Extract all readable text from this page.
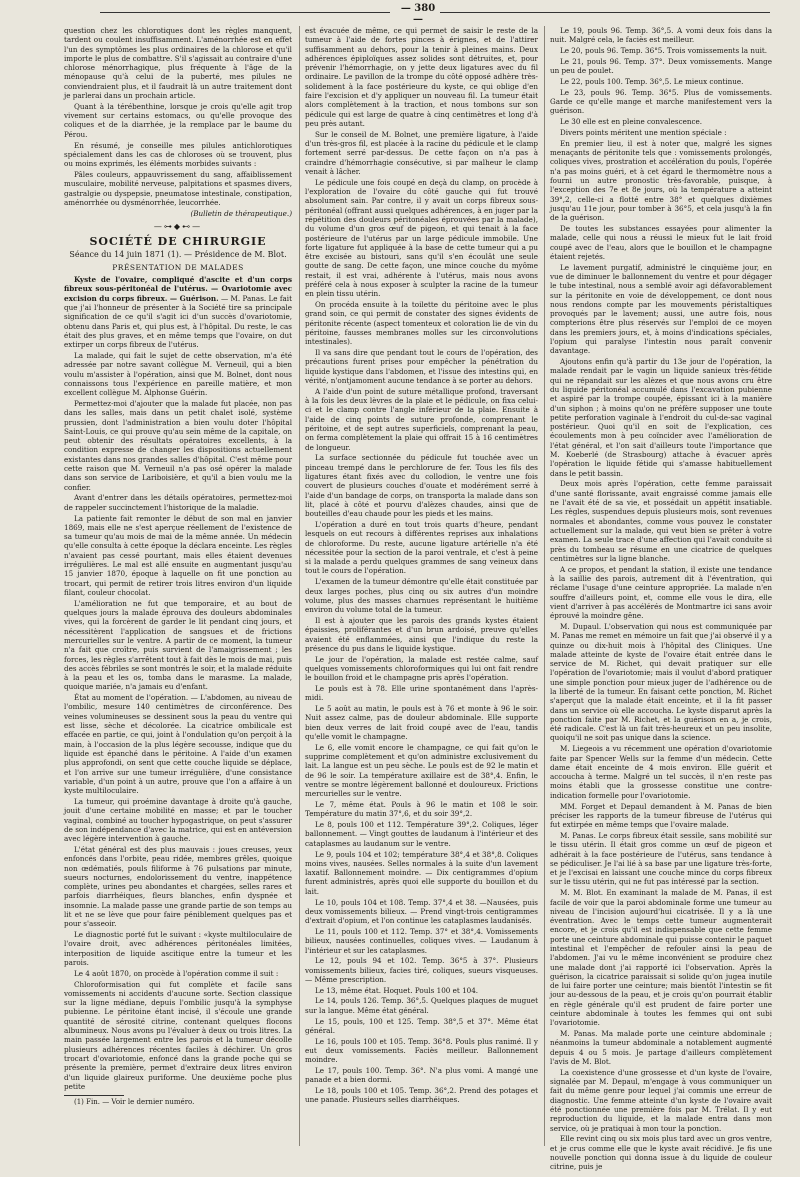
— 380 —

question chez les chlorotiques dont les règles manquent, tardent ou coulent insuffisamment. L'aménorrhée est en effet l'un des symptômes les plus ordinaires de la chlorose et qu'il importe le plus de combattre. S'il s'agissait au contraire d'une chlorose ménorrhagique, plus fréquente à l'âge de la ménopause qu'à celui de la puberté, mes pilules ne conviendraient plus, et il faudrait là un autre traitement dont je parlerai dans un prochain article.

Quant à la térébenthine, lorsque je crois qu'elle agit trop vivement sur certains estomacs, ou qu'elle provoque des coliques et de la diarrhée, je la remplace par le baume du Pérou.

En résumé, je conseille mes pilules antichlorotiques spécialement dans les cas de chloroses où se trouvent, plus ou moins exprimés, les éléments morbides suivants :

Pâles couleurs, appauvrissement du sang, affaiblissement musculaire, mobilité nerveuse, palpitations et spasmes divers, gastralgie ou dyspepsie, pneumatose intestinale, constipation, aménorrhée ou dysménorrhée, leucorrhée.

(Bulletin de thérapeutique.)

—⊶◆⊷—
SOCIÉTÉ DE CHIRURGIE
Séance du 14 juin 1871 (1). — Présidence de M. Blot.
PRÉSENTATION DE MALADES

Kyste de l'ovaire, compliqué d'ascite et d'un corps fibreux sous-péritonéal de l'utérus. — Ovariotomie avec excision du corps fibreux. — Guérison. — M. Panas. Le fait que j'ai l'honneur de présenter à la Société tire sa principale signification de ce qu'il s'agit ici d'un succès d'ovariotomie, obtenu dans Paris et, qui plus est, à l'hôpital. Du reste, le cas était des plus graves, et en même temps que l'ovaire, on dut extirper un corps fibreux de l'utérus.

La malade, qui fait le sujet de cette observation, m'a été adressée par notre savant collègue M. Verneuil, qui a bien voulu m'assister à l'opération, ainsi que M. Bolnet, dont nous connaissons tous l'expérience en pareille matière, et mon excellent collègue M. Alphonse Guérin.

Permettez-moi d'ajouter que la malade fut placée, non pas dans les salles, mais dans un petit chalet isolé, système prussien, dont l'administration a bien voulu doter l'hôpital Saint-Louis, ce qui prouve qu'au sein même de la capitale, on peut obtenir des résultats opératoires excellents, à la condition expresse de changer les dispositions actuellement existantes dans nos grandes salles d'hôpital. C'est même pour cette raison que M. Verneuil n'a pas osé opérer la malade dans son service de Lariboisière, et qu'il a bien voulu me la confier.

Avant d'entrer dans les détails opératoires, permettez-moi de rappeler succinctement l'historique de la maladie.

La patiente fait remonter le début de son mal en janvier 1869, mais elle ne s'est aperçue réellement de l'existence de sa tumeur qu'au mois de mai de la même année. Un médecin qu'elle consulta à cette époque la déclara enceinte. Les règles n'avaient pas cessé pourtant, mais elles étaient devenues irrégulières. Le mal est allé ensuite en augmentant jusqu'au 15 janvier 1870, époque à laquelle on fit une ponction au trocart, qui permit de retirer trois litres environ d'un liquide filant, couleur chocolat.

L'amélioration ne fut que temporaire, et au bout de quelques jours la malade éprouva des douleurs abdominales vives, qui la forcèrent de garder le lit pendant cinq jours, et nécessitèrent l'application de sangsues et de frictions mercurielles sur le ventre. A partir de ce moment, la tumeur n'a fait que croître, puis survient de l'amaigrissement ; les forces, les règles s'arrêtent tout à fait dès le mois de mai, puis des accès fébriles se sont montrés le soir, et la malade réduite à la peau et les os, tomba dans le marasme. La malade, quoique mariée, n'a jamais eu d'enfant.

État au moment de l'opération. — L'abdomen, au niveau de l'ombilic, mesure 140 centimètres de circonférence. Des veines volumineuses se dessinent sous la peau du ventre qui est lisse, sèche et décolorée. La cicatrice ombilicale est effacée en partie, ce qui, joint à l'ondulation qu'on perçoit à la main, à l'occasion de la plus légère secousse, indique que du liquide est épanché dans le péritoine. A l'aide d'un examen plus approfondi, on sent que cette couche liquide se déplace, et l'on arrive sur une tumeur irrégulière, d'une consistance variable, d'un point à un autre, prouve que l'on a affaire à un kyste multiloculaire.

La tumeur, qui proémine davantage à droite qu'à gauche, jouit d'une certaine mobilité en masse; et par le toucher vaginal, combiné au toucher hypogastrique, on peut s'assurer de son indépendance d'avec la matrice, qui est en antéversion avec légère intervention à gauche.

L'état général est des plus mauvais : joues creuses, yeux enfoncés dans l'orbite, peau ridée, membres grêles, quoique non œdématiés, pouls filiforme à 76 pulsations par minute, sueurs nocturnes, endolorissement du ventre, inappétence complète, urines peu abondantes et chargées, selles rares et parfois diarrhéiques, fleurs blanches, enfin dyspnée et insomnie. La malade passe une grande partie de son temps au lit et ne se lève que pour faire péniblement quelques pas et pour s'asseoir.

Le diagnostic porté fut le suivant : «kyste multiloculaire de l'ovaire droit, avec adhérences péritonéales limitées, interposition de liquide ascitique entre la tumeur et les parois.

Le 4 août 1870, on procède à l'opération comme il suit :

Chloroformisation qui fut complète et facile sans vomissements ni accidents d'aucune sorte. Section classique sur la ligne médiane, depuis l'ombilic jusqu'à la symphyse pubienne. Le péritoine étant incisé, il s'écoule une grande quantité de sérosité citrine, contenant quelques flocons albumineux. Nous avons pu l'évaluer à deux ou trois litres. La main passée largement entre les parois et la tumeur décolle plusieurs adhérences récentes faciles à déchirer. Un gros trocart d'ovariotomie, enfoncé dans la grande poche qui se présente la première, permet d'extraire deux litres environ d'un liquide glaireux puriforme. Une deuxième poche plus petite

(1) Fin. — Voir le dernier numéro.

est évacuée de même, ce qui permet de saisir le reste de la tumeur à l'aide de fortes pinces à érignes, et de l'attirer suffisamment au dehors, pour la tenir à pleines mains. Deux adhérences épiploïques assez solides sont détruites, et, pour prévenir l'hémorrhagie, on y jette deux ligatures avec du fil ordinaire. Le pavillon de la trompe du côté opposé adhère très-solidement à la face postérieure du kyste, ce qui oblige d'en faire l'excision et d'y appliquer un nouveau fil. La tumeur était alors complètement à la traction, et nous tombons sur son pédicule qui est large de quatre à cinq centimètres et long d'à peu près autant.

Sur le conseil de M. Bolnet, une première ligature, à l'aide d'un très-gros fil, est placée à la racine du pédicule et le clamp fortement serré par-dessus. De cette façon on n'a pas à craindre d'hémorrhagie consécutive, si par malheur le clamp venait à lâcher.

Le pédicule une fois coupé en deçà du clamp, on procède à l'exploration de l'ovaire du côté gauche qui fut trouvé absolument sain. Par contre, il y avait un corps fibreux sous-péritonéal (offrant aussi quelques adhérences, à en juger par la répétition des douleurs péritonéales éprouvées par la malade), du volume d'un gros œuf de pigeon, et qui tenait à la face postérieure de l'utérus par un large pédicule immobile. Une forte ligature fut appliquée à la base de cette tumeur qui a pu être excisée au bistouri, sans qu'il s'en écoulât une seule goutte de sang. De cette façon, une mince couche du myôme restait, il est vrai, adhérente à l'utérus, mais nous avons préféré cela à nous exposer à sculpter la racine de la tumeur en plein tissu utérin.

On procéda ensuite à la toilette du péritoine avec le plus grand soin, ce qui permit de constater des signes évidents de péritonite récente (aspect tomenteux et coloration lie de vin du péritoine, fausses membranes molles sur les circonvolutions intestinales).

Il va sans dire que pendant tout le cours de l'opération, des précautions furent prises pour empêcher la pénétration du liquide kystique dans l'abdomen, et l'issue des intestins qui, en vérité, n'ontjamoment aucune tendance à se porter au dehors.

A l'aide d'un point de suture métallique profond, traversant à la fois les deux lèvres de la plaie et le pédicule, on fixa celui-ci et le clamp contre l'angle inférieur de la plaie. Ensuite à l'aide de cinq points de suture profonde, comprenant le péritoine, et de sept autres superficiels, comprenant la peau, on ferma complètement la plaie qui offrait 15 à 16 centimètres de longueur.

La surface sectionnée du pédicule fut touchée avec un pinceau trempé dans le perchlorure de fer. Tous les fils des ligatures étant fixés avec du collodion, le ventre une fois couvert de plusieurs couches d'ouate et modérément serré à l'aide d'un bandage de corps, on transporta la malade dans son lit, placé à côté et pourvu d'alèzes chaudes, ainsi que de bouteilles d'eau chaude pour les pieds et les mains.

L'opération a duré en tout trois quarts d'heure, pendant lesquels on eut recours à différentes reprises aux inhalations de chloroforme. Du reste, aucune ligature artérielle n'a été nécessitée pour la section de la paroi ventrale, et c'est à peine si la malade a perdu quelques grammes de sang veineux dans tout le cours de l'opération.

L'examen de la tumeur démontre qu'elle était constituée par deux larges poches, plus cinq ou six autres d'un moindre volume, plus des masses charnues représentant le huitième environ du volume total de la tumeur.

Il est à ajouter que les parois des grands kystes étaient épaissies, proliférantes et d'un brun ardoisé, preuve qu'elles avaient été enflammées, ainsi que l'indique du reste la présence du pus dans le liquide kystique.

Le jour de l'opération, la malade est restée calme, sauf quelques vomissements chloroformiques qui lui ont fait rendre le bouillon froid et le champagne pris après l'opération.

Le pouls est à 78. Elle urine spontanément dans l'après-midi.

Le 5 août au matin, le pouls est à 76 et monte à 96 le soir. Nuit assez calme, pas de douleur abdominale. Elle supporte bien deux verres de lait froid coupé avec de l'eau, tandis qu'elle vomit le champagne.

Le 6, elle vomit encore le champagne, ce qui fait qu'on le supprime complètement et qu'on administre exclusivement du lait. La langue est un peu sèche. Le pouls est de 92 le matin et de 96 le soir. La température axillaire est de 38°,4. Enfin, le ventre se montre légèrement ballonné et douloureux. Frictions mercurielles sur le ventre.

Le 7, même état. Pouls à 96 le matin et 108 le soir. Température du matin 37°,6, et du soir 39°,2.

Le 8, pouls 100 et 112. Température 39°,2. Coliques, léger ballonnement. — Vingt gouttes de laudanum à l'intérieur et des cataplasmes au laudanum sur le ventre.

Le 9, pouls 104 et 102; température 38°,4 et 38°,8. Coliques moins vives, nausées. Selles normales à la suite d'un lavement laxatif. Ballonnement moindre. — Dix centigrammes d'opium furent administrés, après quoi elle supporte du bouillon et du lait.

Le 10, pouls 104 et 108. Temp. 37°,4 et 38. —Nausées, puis deux vomissements bilieux. — Prend vingt-trois centigrammes d'extrait d'opium, et l'on continue les cataplasmes laudanisés.

Le 11, pouls 100 et 112. Temp. 37° et 38°,4. Vomissements bilieux, nausées continuelles, coliques vives. — Laudanum à l'intérieur et sur les cataplasmes.

Le 12, pouls 94 et 102. Temp. 36°5 à 37°. Plusieurs vomissements bilieux, facies tiré, coliques, sueurs visqueuses. — Même prescription.

Le 13, même état. Hoquet. Pouls 100 et 104.

Le 14, pouls 126. Temp. 36°,5. Quelques plaques de muguet sur la langue. Même état général.

Le 15, pouls, 100 et 125. Temp. 38°,5 et 37°. Même état général.

Le 16, pouls 100 et 105. Temp. 36°8. Pouls plus ranimé. Il y eut deux vomissements. Faciès meilleur. Ballonnement moindre.

Le 17, pouls 100. Temp. 36°. N'a plus vomi. A mangé une panade et a bien dormi.

Le 18, pouls 100 et 105. Temp. 36°,2. Prend des potages et une panade. Plusieurs selles diarrhéiques.

Le 19, pouls 96. Temp. 36°,5. A vomi deux fois dans la nuit. Malgré cela, le faciès est meilleur.

Le 20, pouls 96. Temp. 36°5. Trois vomissements la nuit.

Le 21, pouls 96. Temp. 37°. Deux vomissements. Mange un peu de poulet.

Le 22, pouls 100. Temp. 36°,5. Le mieux continue.

Le 23, pouls 96. Temp. 36°5. Plus de vomissements. Garde ce qu'elle mange et marche manifestement vers la guérison.

Le 30 elle est en pleine convalescence.

Divers points méritent une mention spéciale :

En premier lieu, il est à noter que, malgré les signes menaçants de péritonite tels que : vomissements prolongés, coliques vives, prostration et accélération du pouls, l'opérée n'a pas moins guéri, et à cet égard le thermomètre nous a fourni un autre pronostic très-favorable, puisque, à l'exception des 7e et 8e jours, où la température a atteint 39°,2, celle-ci a flotté entre 38° et quelques dixièmes jusqu'au 11e jour, pour tomber à 36°5, et cela jusqu'à la fin de la guérison.

De toutes les substances essayées pour alimenter la malade, celle qui nous a réussi le mieux fut le lait froid coupé avec de l'eau, alors que le bouillon et le champagne étaient rejetés.

Le lavement purgatif, administré le cinquième jour, en vue de diminuer le ballonnement du ventre et pour dégager le tube intestinal, nous a semblé avoir agi défavorablement sur la péritonite en voie de développement, ce dont nous nous rendons compte par les mouvements péristaltiques provoqués par le lavement; aussi, une autre fois, nous compterions être plus réservés sur l'emploi de ce moyen dans les premiers jours, et, à moins d'indications spéciales, l'opium qui paralyse l'intestin nous paraît convenir davantage.

Ajoutons enfin qu'à partir du 13e jour de l'opération, la malade rendait par le vagin un liquide sanieux très-fétide qui ne répandait sur les alèzes et que nous avons cru être du liquide péritonéal accumulé dans l'excavation pubienne et aspiré par la trompe coupée, épissant ici à la manière d'un siphon ; à moins qu'on ne préfère supposer une toute petite perforation vaginale à l'endroit du cul-de-sac vaginal postérieur. Quoi qu'il en soit de l'explication, ces écoulements mon à peu coïncider avec l'amélioration de l'état général, et l'on sait d'ailleurs toute l'importance que M. Koeberlé (de Strasbourg) attache à évacuer après l'opération le liquide fétide qui s'amasse habituellement dans le petit bassin.

Deux mois après l'opération, cette femme paraissait d'une santé florissante, avait engraissé comme jamais elle ne l'avait été de sa vie, et possédait un appétit insatiable. Les règles, suspendues depuis plusieurs mois, sont revenues normales et abondantes, comme vous pouvez le constater actuellement sur la malade, qui veut bien se prêter à votre examen. La seule trace d'une affection qui l'avait conduite si près du tombeau se résume en une cicatrice de quelques centimètres sur la ligne blanche.

A ce propos, et pendant la station, il existe une tendance à la saillie des parois, autrement dit à l'éventration, qui réclame l'usage d'une ceinture appropriée. La malade n'en souffre d'ailleurs point, et, comme elle vous le dira, elle vient d'arriver à pas accélérés de Montmartre ici sans avoir éprouvé la moindre gêne.

M. Dupaul. L'observation qui nous est communiquée par M. Panas me remet en mémoire un fait que j'ai observé il y a quinze ou dix-huit mois à l'hôpital des Cliniques. Une malade atteinte de kyste de l'ovaire était entrée dans le service de M. Richet, qui devait pratiquer sur elle l'opération de l'ovariotomie; mais il voulut d'abord pratiquer une simple ponction pour mieux juger de l'adhérence ou de la liberté de la tumeur. En faisant cette ponction, M. Richet s'aperçut que la malade était enceinte, et il la fit passer dans un service où elle accoucha. Le kyste disparut après la ponction faite par M. Richet, et la guérison en a, je crois, été radicale. C'est là un fait très-heureux et un peu insolite, quoiqu'il ne soit pas unique dans la science.

M. Liegeois a vu récemment une opération d'ovariotomie faite par Spencer Wells sur la femme d'un médecin. Cette dame était enceinte de 4 mois environ. Elle guérit et accoucha à terme. Malgré un tel succès, il n'en reste pas moins établi que la grossesse constitue une contre-indication formelle pour l'ovariotomie.

MM. Forget et Depaul demandent à M. Panas de bien préciser les rapports de la tumeur fibreuse de l'utérus qui fut extirpée en même temps que l'ovaire malade.

M. Panas. Le corps fibreux était sessile, sans mobilité sur le tissu utérin. Il était gros comme un œuf de pigeon et adhérait à la face postérieure de l'utérus, sans tendance à se pédiculiser. Je l'ai lié à sa base par une ligature très-forte, et je l'excisai en laissant une couche mince du corps fibreux sur le tissu utérin, qui ne fut pas intéressé par la section.

M. M. Blot. En examinant la malade de M. Panas, il est facile de voir que la paroi abdominale forme une tumeur au niveau de l'incision aujourd'hui cicatrisée. Il y a là une éventration. Avec le temps cette tumeur augmenterait encore, et je crois qu'il est indispensable que cette femme porte une ceinture abdominale qui puisse contenir le paquet intestinal et l'empêcher de refouler ainsi la peau de l'abdomen. J'ai vu le même inconvénient se produire chez une malade dont j'ai rapporté ici l'observation. Après la guérison, la cicatrice paraissait si solide qu'on jugea inutile de lui faire porter une ceinture; mais bientôt l'intestin se fit jour au-dessous de la peau, et je crois qu'on pourrait établir en règle générale qu'il est prudent de faire porter une ceinture abdominale à toutes les femmes qui ont subi l'ovariotomie.

M. Panas. Ma malade porte une ceinture abdominale ; néanmoins la tumeur abdominale a notablement augmenté depuis 4 ou 5 mois. Je partage d'ailleurs complètement l'avis de M. Blot.

La coexistence d'une grossesse et d'un kyste de l'ovaire, signalée par M. Depaul, m'engage à vous communiquer un fait du même genre pour lequel j'ai commis une erreur de diagnostic. Une femme atteinte d'un kyste de l'ovaire avait été ponctionnée une première fois par M. Trélat. Il y eut reproduction du liquide, et la malade entra dans mon service, où je pratiquai à mon tour la ponction.

Elle revint cinq ou six mois plus tard avec un gros ventre, et je crus comme elle que le kyste avait récidivé. Je fis une nouvelle ponction qui donna issue à du liquide de couleur citrine, puis je
